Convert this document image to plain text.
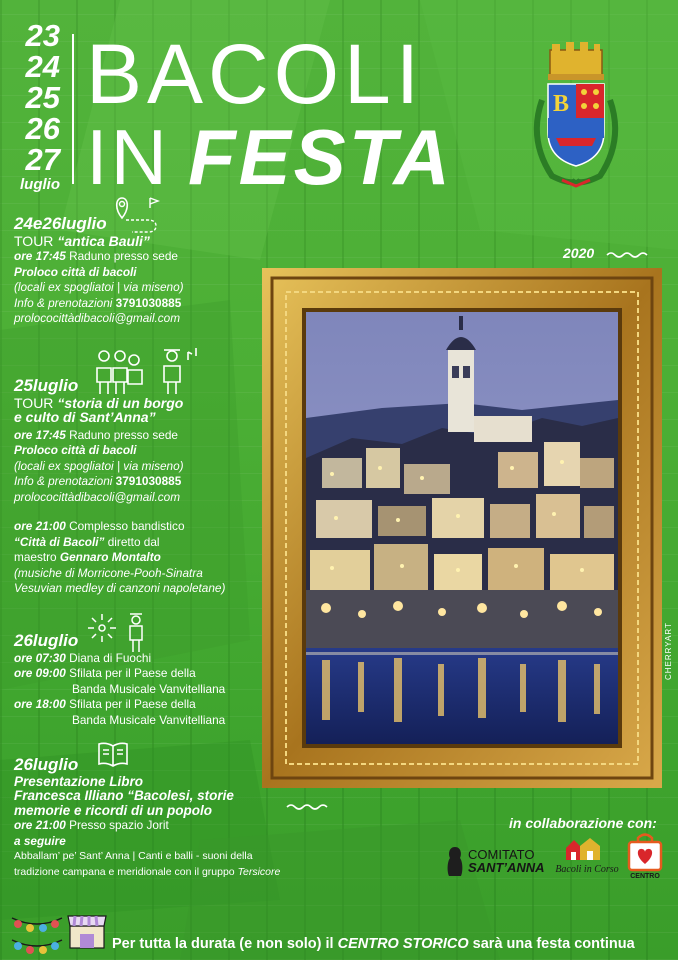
23
24
25
26
27
luglio
BACOLI
IN FESTA
B
2020
24e26luglio
TOUR “antica Bauli”
ore 17:45 Raduno presso sede
Proloco città di bacoli
(locali ex spogliatoi | via miseno)
Info & prenotazioni 3791030885
prolococittàdibacoli@gmail.com
25luglio
TOUR “storia di un borgo
e culto di Sant’Anna”
ore 17:45 Raduno presso sede
Proloco città di bacoli
(locali ex spogliatoi | via miseno)
Info & prenotazioni 3791030885
prolococittàdibacoli@gmail.com
ore 21:00 Complesso bandistico
“Città di Bacoli” diretto dal
maestro Gennaro Montalto
(musiche di Morricone-Pooh-Sinatra
Vesuvian medley di canzoni napoletane)
26luglio
ore 07:30 Diana di Fuochi
ore 09:00 Sfilata per il Paese della
Banda Musicale Vanvitelliana
ore 18:00 Sfilata per il Paese della
Banda Musicale Vanvitelliana
26luglio
Presentazione Libro
Francesca Illiano “Bacolesi, storie
memorie e ricordi di un popolo
ore 21:00 Presso spazio Jorit
a seguire
Abballam’ pe’ Sant’ Anna | Canti e balli - suoni della
tradizione campana e meridionale con il gruppo Tersicore
CHERRYART
in collaborazione con:
COMITATO
SANT’ANNA	Bacoli in Corso
CENTRO
Per tutta la durata (e non solo) il CENTRO STORICO sarà una festa continua
